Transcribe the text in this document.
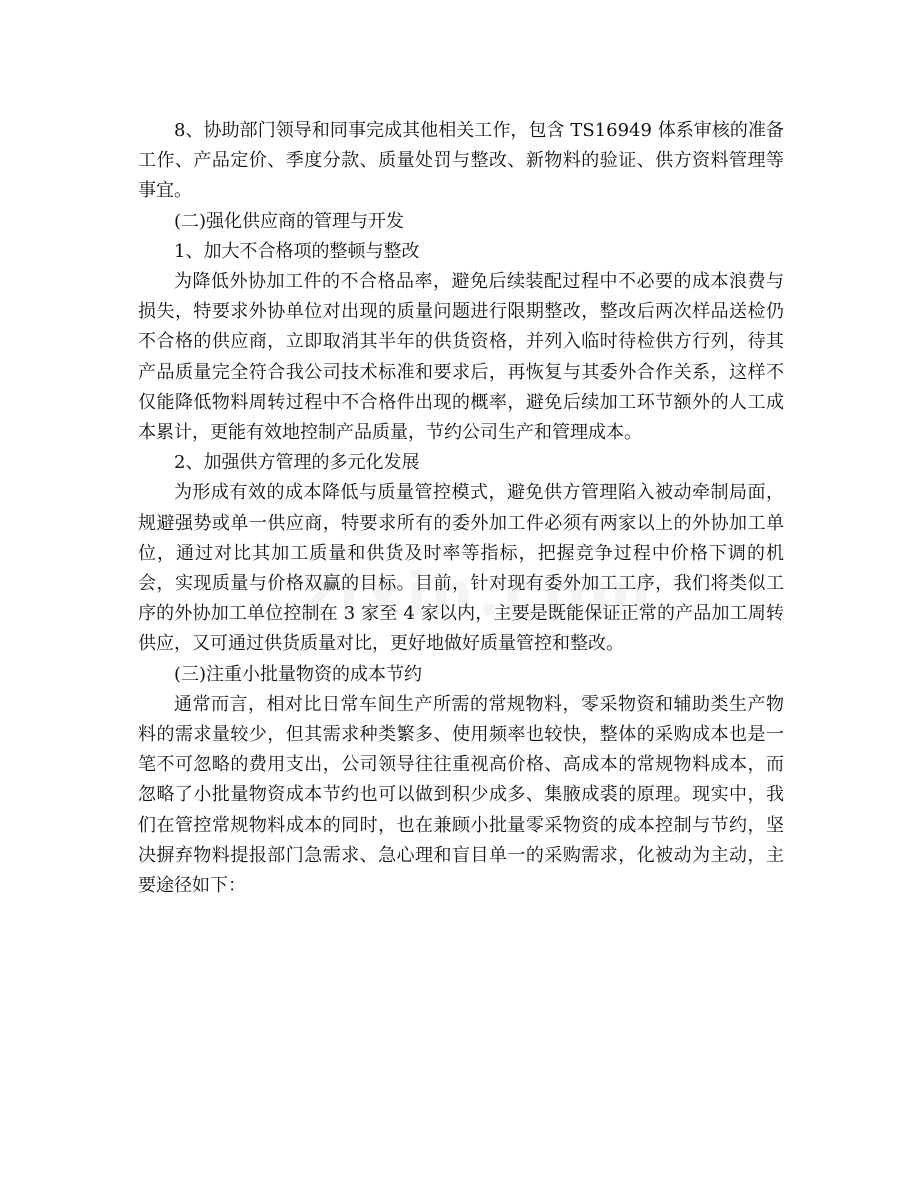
8、协助部门领导和同事完成其他相关工作，包含 TS16949 体系审核的准备工作、产品定价、季度分款、质量处罚与整改、新物料的验证、供方资料管理等事宜。

(二)强化供应商的管理与开发

1、加大不合格项的整顿与整改

为降低外协加工件的不合格品率，避免后续装配过程中不必要的成本浪费与损失，特要求外协单位对出现的质量问题进行限期整改，整改后两次样品送检仍不合格的供应商，立即取消其半年的供货资格，并列入临时待检供方行列，待其产品质量完全符合我公司技术标准和要求后，再恢复与其委外合作关系，这样不仅能降低物料周转过程中不合格件出现的概率，避免后续加工环节额外的人工成本累计，更能有效地控制产品质量，节约公司生产和管理成本。

2、加强供方管理的多元化发展

为形成有效的成本降低与质量管控模式，避免供方管理陷入被动牵制局面，规避强势或单一供应商，特要求所有的委外加工件必须有两家以上的外协加工单位，通过对比其加工质量和供货及时率等指标，把握竞争过程中价格下调的机会，实现质量与价格双赢的目标。目前，针对现有委外加工工序，我们将类似工序的外协加工单位控制在 3 家至 4 家以内，主要是既能保证正常的产品加工周转供应，又可通过供货质量对比，更好地做好质量管控和整改。

(三)注重小批量物资的成本节约

通常而言，相对比日常车间生产所需的常规物料，零采物资和辅助类生产物料的需求量较少，但其需求种类繁多、使用频率也较快，整体的采购成本也是一笔不可忽略的费用支出，公司领导往往重视高价格、高成本的常规物料成本，而忽略了小批量物资成本节约也可以做到积少成多、集腋成裘的原理。现实中，我们在管控常规物料成本的同时，也在兼顾小批量零采物资的成本控制与节约，坚决摒弃物料提报部门急需求、急心理和盲目单一的采购需求，化被动为主动，主要途径如下：
